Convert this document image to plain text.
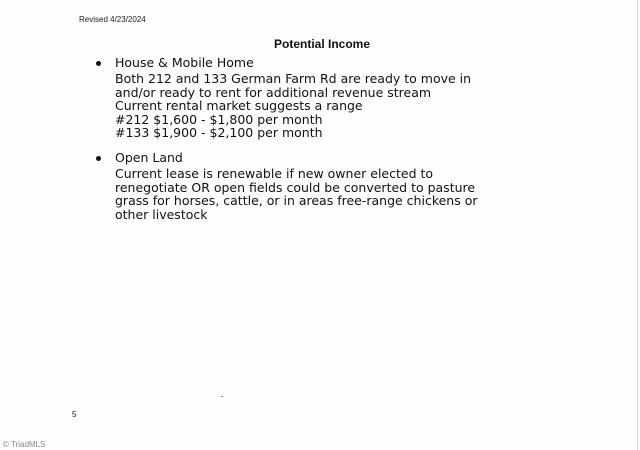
Revised 4/23/2024
Potential Income
House & Mobile Home
Both 212 and 133 German Farm Rd are ready to move in
and/or ready to rent for additional revenue stream
Current rental market suggests a range
#212 $1,600 - $1,800 per month
#133 $1,900 - $2,100 per month
Open Land
Current lease is renewable if new owner elected to
renegotiate OR open fields could be converted to pasture
grass for horses, cattle, or in areas free-range chickens or
other livestock
5
© TriadMLS
